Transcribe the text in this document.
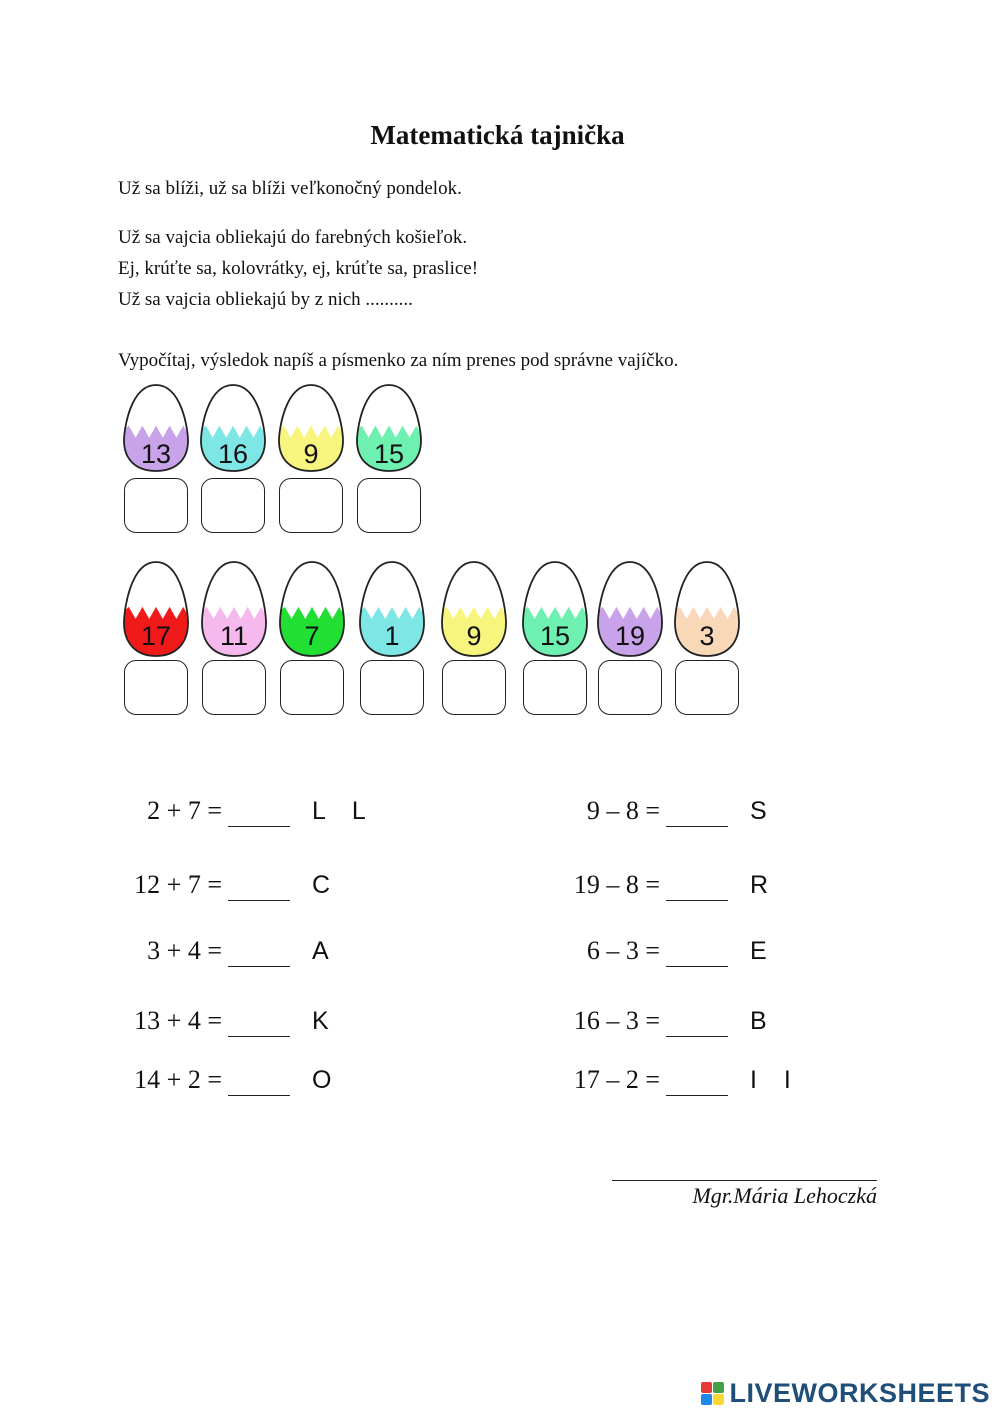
Matematická tajnička
Už sa blíži, už sa blíži veľkonočný pondelok.
Už sa vajcia obliekajú do farebných košieľok.
Ej, krúťte sa, kolovrátky, ej, krúťte sa, praslice!
Už sa vajcia obliekajú by z nich ..........
Vypočítaj, výsledok napíš a písmenko za ním prenes pod správne vajíčko.
13	16	9	15
17	11	7	1	9	15	19	3
2 + 7 =	L L
12 + 7 =	C
3 + 4 =	A
13 + 4 =	K
14 + 2 =	O
9 – 8 =	S
19 – 8 =	R
6 – 3 =	E
16 – 3 =	B
17 – 2 =	I I
Mgr.Mária Lehoczká
LIVEWORKSHEETS
